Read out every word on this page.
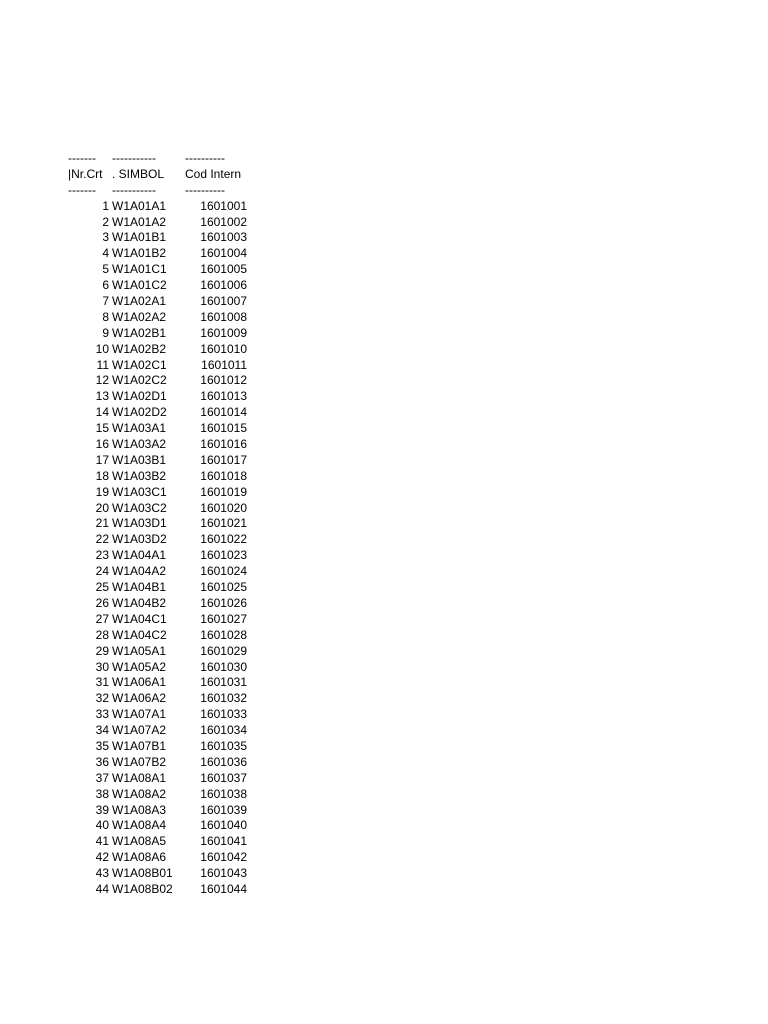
------- ----------- ----------
|Nr.Crt . SIMBOL Cod Intern
------- ----------- ----------
1 W1A01A1	1601001
2 W1A01A2	1601002
3 W1A01B1	1601003
4 W1A01B2	1601004
5 W1A01C1	1601005
6 W1A01C2	1601006
7 W1A02A1	1601007
8 W1A02A2	1601008
9 W1A02B1	1601009
10 W1A02B2	1601010
11 W1A02C1	1601011
12 W1A02C2	1601012
13 W1A02D1	1601013
14 W1A02D2	1601014
15 W1A03A1	1601015
16 W1A03A2	1601016
17 W1A03B1	1601017
18 W1A03B2	1601018
19 W1A03C1	1601019
20 W1A03C2	1601020
21 W1A03D1	1601021
22 W1A03D2	1601022
23 W1A04A1	1601023
24 W1A04A2	1601024
25 W1A04B1	1601025
26 W1A04B2	1601026
27 W1A04C1	1601027
28 W1A04C2	1601028
29 W1A05A1	1601029
30 W1A05A2	1601030
31 W1A06A1	1601031
32 W1A06A2	1601032
33 W1A07A1	1601033
34 W1A07A2	1601034
35 W1A07B1	1601035
36 W1A07B2	1601036
37 W1A08A1	1601037
38 W1A08A2	1601038
39 W1A08A3	1601039
40 W1A08A4	1601040
41 W1A08A5	1601041
42 W1A08A6	1601042
43 W1A08B01	1601043
44 W1A08B02	1601044
